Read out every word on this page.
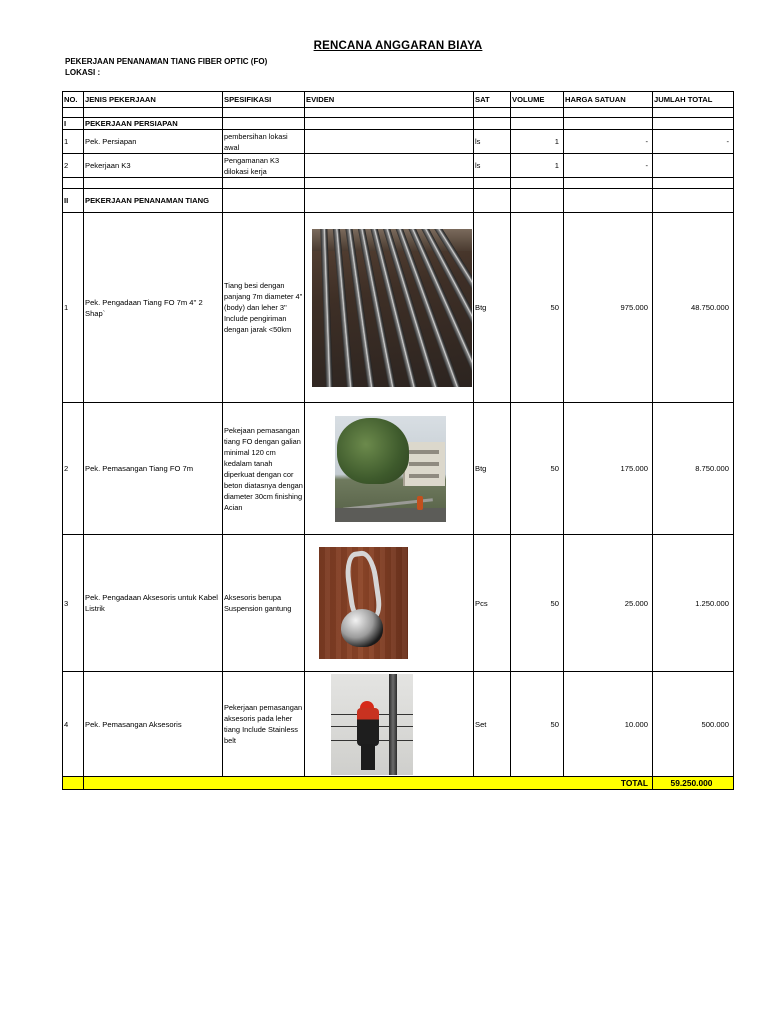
RENCANA ANGGARAN BIAYA
PEKERJAAN PENANAMAN TIANG FIBER OPTIC (FO)
LOKASI :
NO.	JENIS PEKERJAAN	SPESIFIKASI	EVIDEN	SAT	VOLUME	HARGA SATUAN	JUMLAH TOTAL

I	PEKERJAAN PERSIAPAN						
1	Pek. Persiapan	pembersihan lokasi awal		ls	1	-	-
2	Pekerjaan K3	Pengamanan K3 dilokasi kerja		ls	1	-	

II	PEKERJAAN PENANAMAN TIANG						
1	Pek. Pengadaan Tiang FO 7m 4'' 2 Shap`	Tiang besi dengan panjang 7m diameter 4'' (body) dan leher 3'' Include pengiriman dengan jarak <50km		Btg	50	975.000	48.750.000
2	Pek. Pemasangan Tiang FO 7m	Pekejaan pemasangan tiang FO dengan galian minimal 120 cm kedalam tanah diperkuat dengan cor beton diatasnya dengan diameter 30cm finishing Acian		Btg	50	175.000	8.750.000
3	Pek. Pengadaan Aksesoris untuk Kabel Listrik	Aksesoris berupa Suspension gantung		Pcs	50	25.000	1.250.000
4	Pek. Pemasangan Aksesoris	Pekerjaan pemasangan aksesoris pada leher tiang Include Stainless belt		Set	50	10.000	500.000
	TOTAL						59.250.000
